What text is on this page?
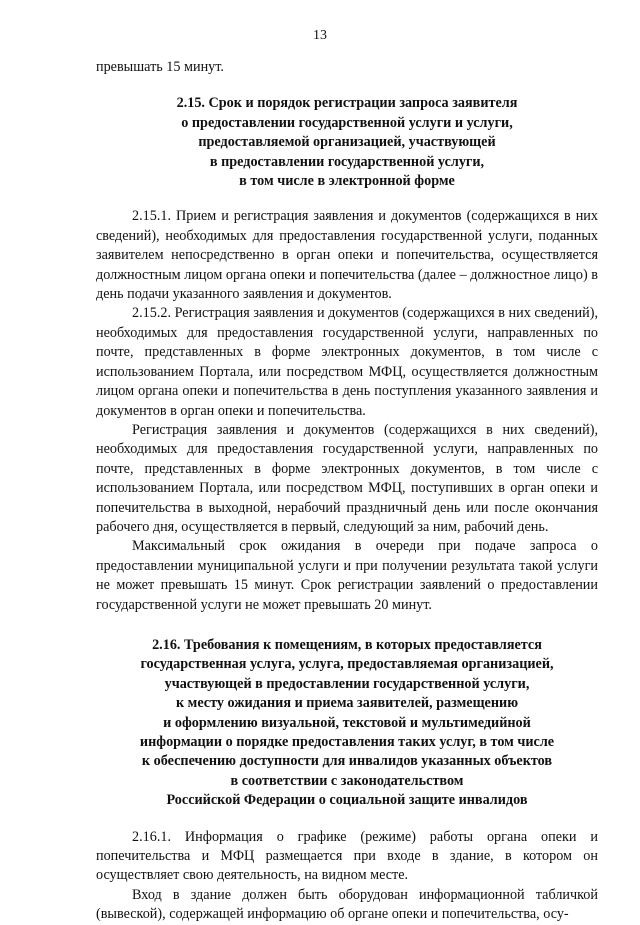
13

превышать 15 минут.

2.15. Срок и порядок регистрации запроса заявителя
о предоставлении государственной услуги и услуги,
предоставляемой организацией, участвующей
в предоставлении государственной услуги,
в том числе в электронной форме

2.15.1. Прием и регистрация заявления и документов (содержащихся в них сведений), необходимых для предоставления государственной услуги, поданных заявителем непосредственно в орган опеки и попечительства, осуществляется должностным лицом органа опеки и попечительства (далее – должностное лицо) в день подачи указанного заявления и документов.

2.15.2. Регистрация заявления и документов (содержащихся в них сведений), необходимых для предоставления государственной услуги, направленных по почте, представленных в форме электронных документов, в том числе с использованием Портала, или посредством МФЦ, осуществляется должностным лицом органа опеки и попечительства в день поступления указанного заявления и документов в орган опеки и попечительства.

Регистрация заявления и документов (содержащихся в них сведений), необходимых для предоставления государственной услуги, направленных по почте, представленных в форме электронных документов, в том числе с использованием Портала, или посредством МФЦ, поступивших в орган опеки и попечительства в выходной, нерабочий праздничный день или после окончания рабочего дня, осуществляется в первый, следующий за ним, рабочий день.

Максимальный срок ожидания в очереди при подаче запроса о предоставлении муниципальной услуги и при получении результата такой услуги не может превышать 15 минут. Срок регистрации заявлений о предоставлении государственной услуги не может превышать 20 минут.

2.16. Требования к помещениям, в которых предоставляется
государственная услуга, услуга, предоставляемая организацией,
участвующей в предоставлении государственной услуги,
к месту ожидания и приема заявителей, размещению
и оформлению визуальной, текстовой и мультимедийной
информации о порядке предоставления таких услуг, в том числе
к обеспечению доступности для инвалидов указанных объектов
в соответствии с законодательством
Российской Федерации о социальной защите инвалидов

2.16.1. Информация о графике (режиме) работы органа опеки и попечительства и МФЦ размещается при входе в здание, в котором он осуществляет свою деятельность, на видном месте.

Вход в здание должен быть оборудован информационной табличкой (вывеской), содержащей информацию об органе опеки и попечительства, осу-
